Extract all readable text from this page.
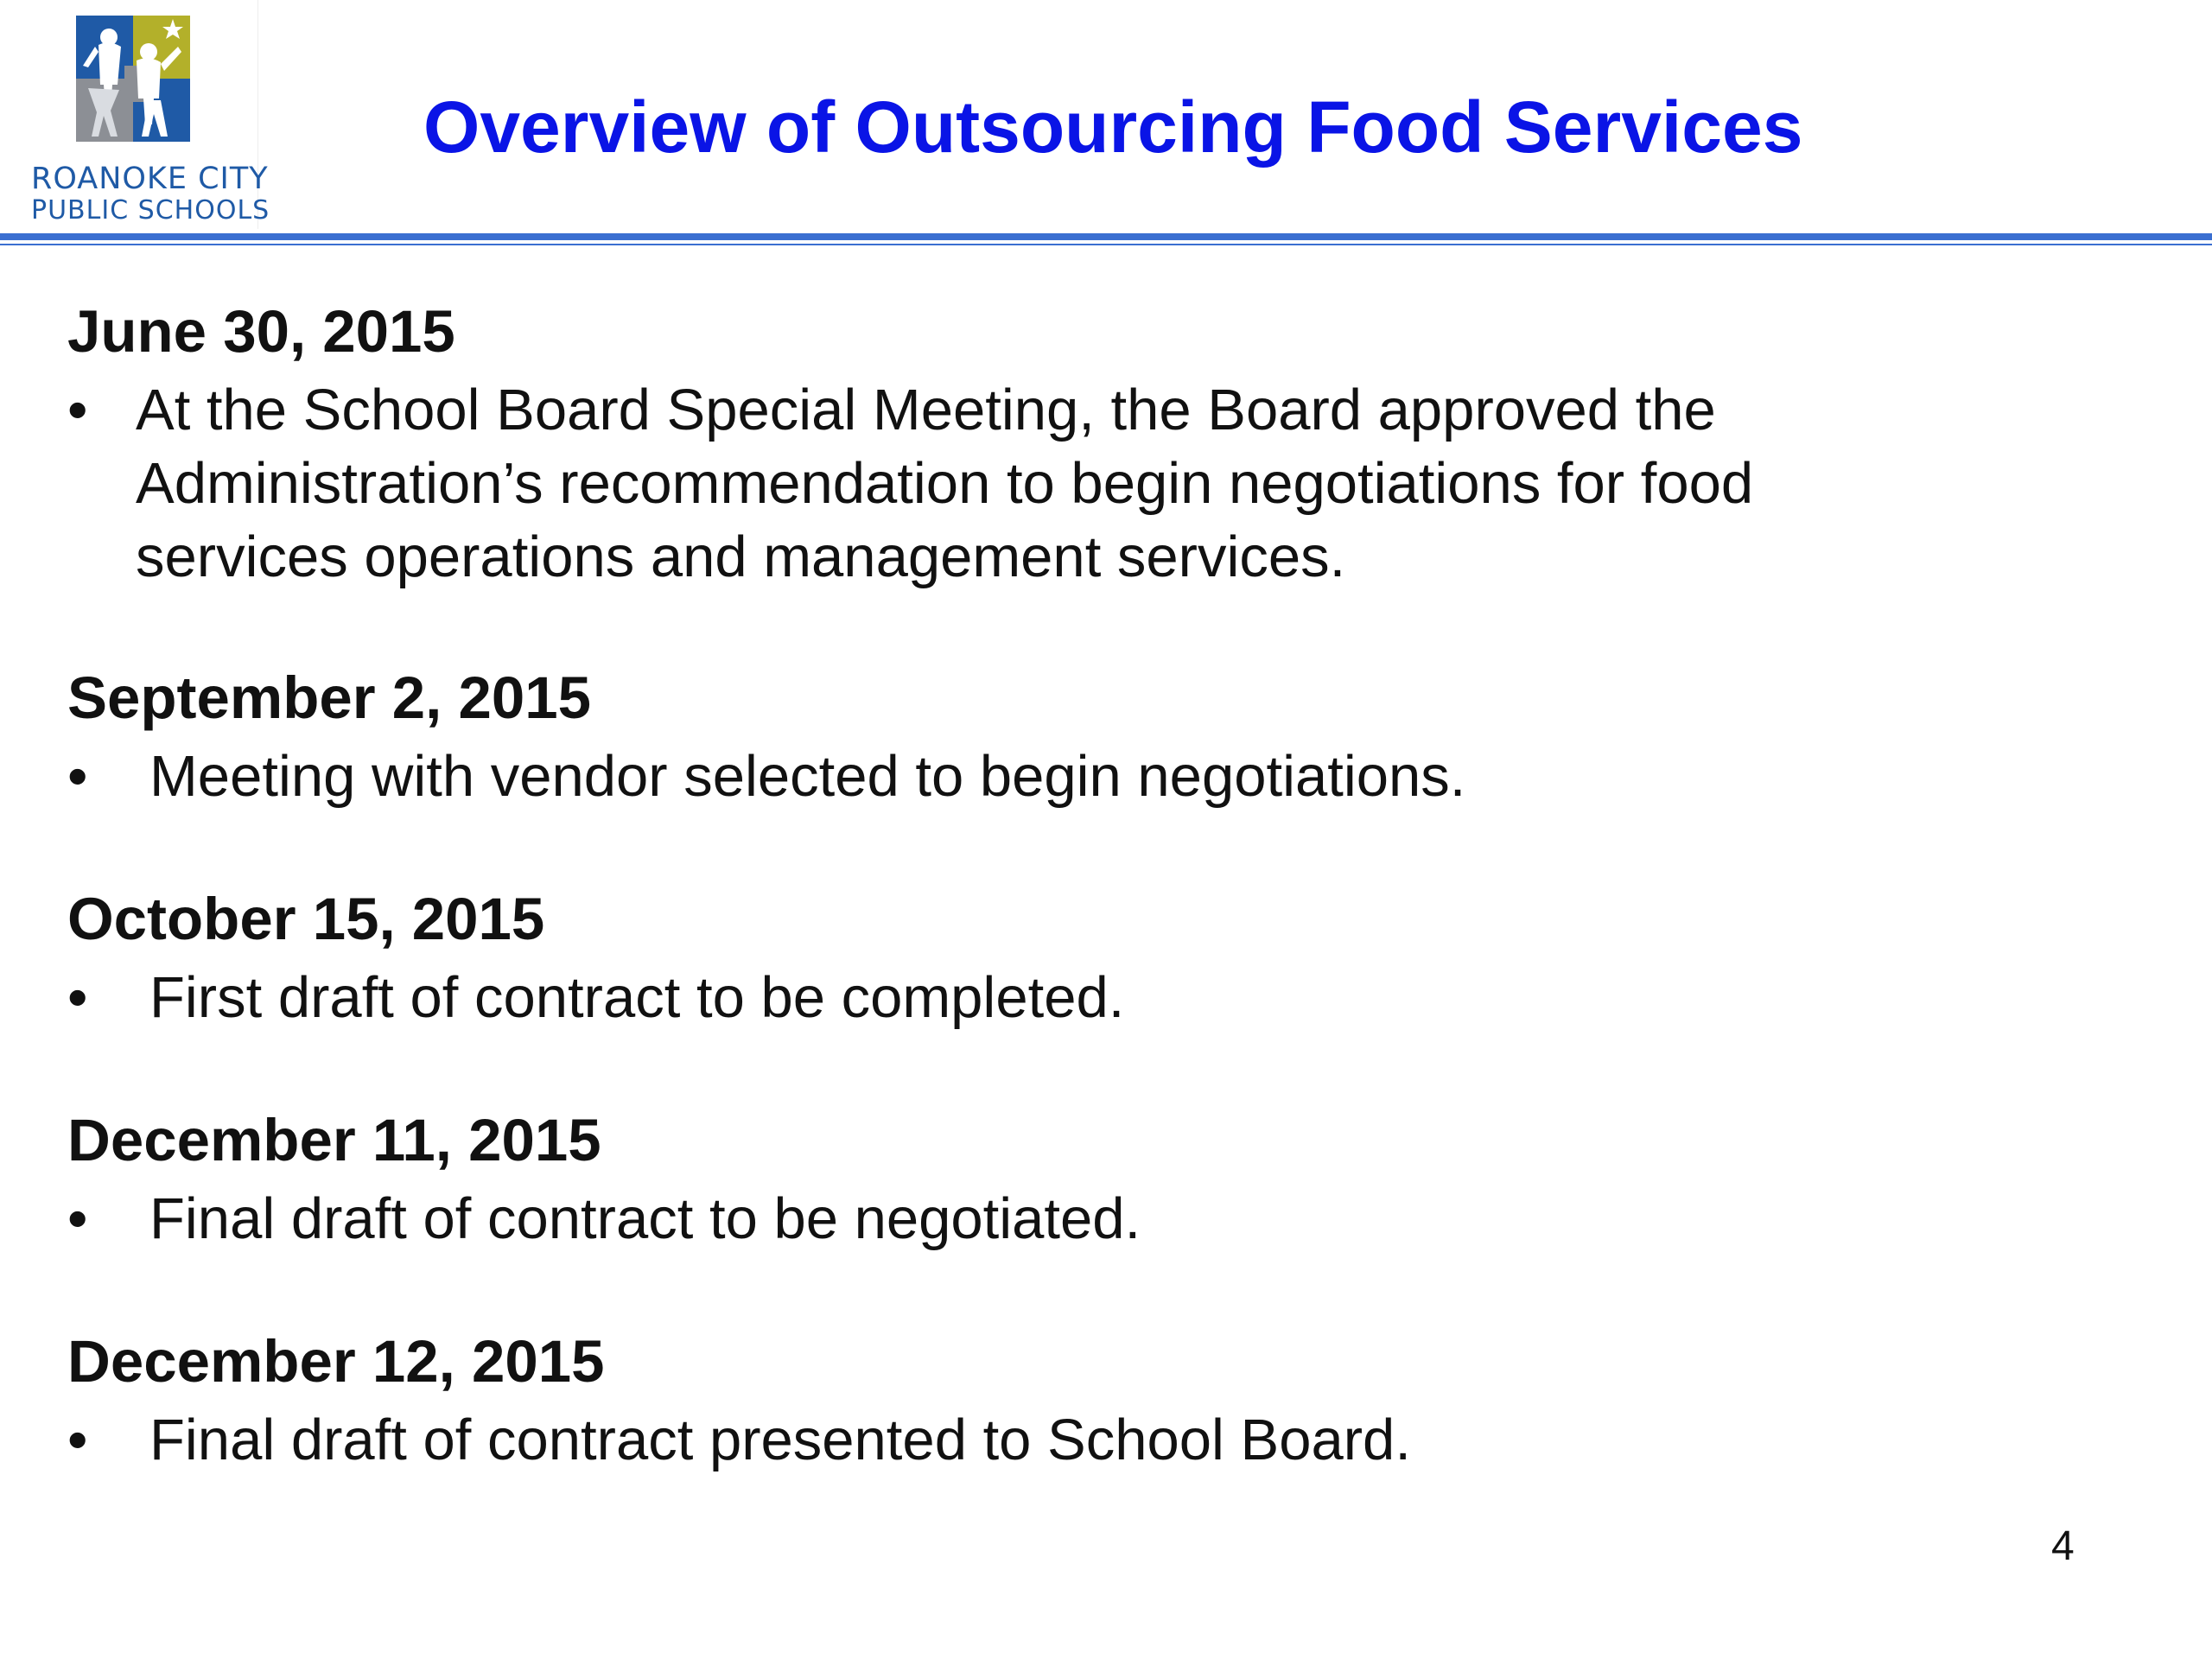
ROANOKE CITY
PUBLIC SCHOOLS
Overview of Outsourcing Food Services
June 30, 2015
• At the School Board Special Meeting, the Board approved the Administration’s recommendation to begin negotiations for food services operations and management services.
September 2, 2015
•	Meeting with vendor selected to begin negotiations.
October 15, 2015
•	First draft of contract to be completed.
December 11, 2015
•	Final draft of contract to be negotiated.
December 12, 2015
•	Final draft of contract presented to School Board.
4
